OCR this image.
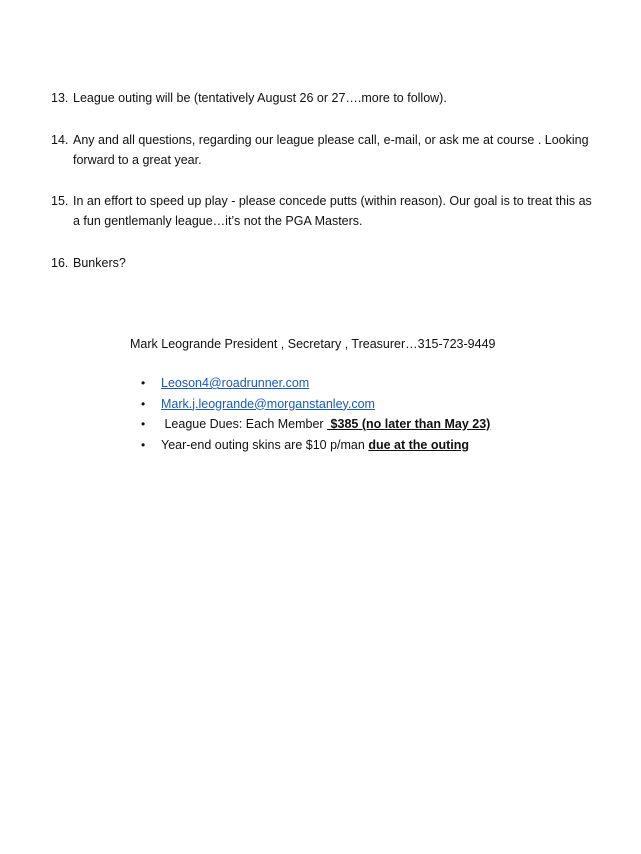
13. League outing will be (tentatively August 26 or 27….more to follow).
14. Any and all questions, regarding our league please call, e-mail, or ask me at course . Looking forward to a great year.
15. In an effort to speed up play - please concede putts (within reason). Our goal is to treat this as a fun gentlemanly league…it’s not the PGA Masters.
16. Bunkers?
Mark Leogrande President , Secretary , Treasurer…315-723-9449
• Leoson4@roadrunner.com
• Mark.j.leogrande@morganstanley.com
• League Dues: Each Member  $385 (no later than May 23)
• Year-end outing skins are $10 p/man due at the outing
